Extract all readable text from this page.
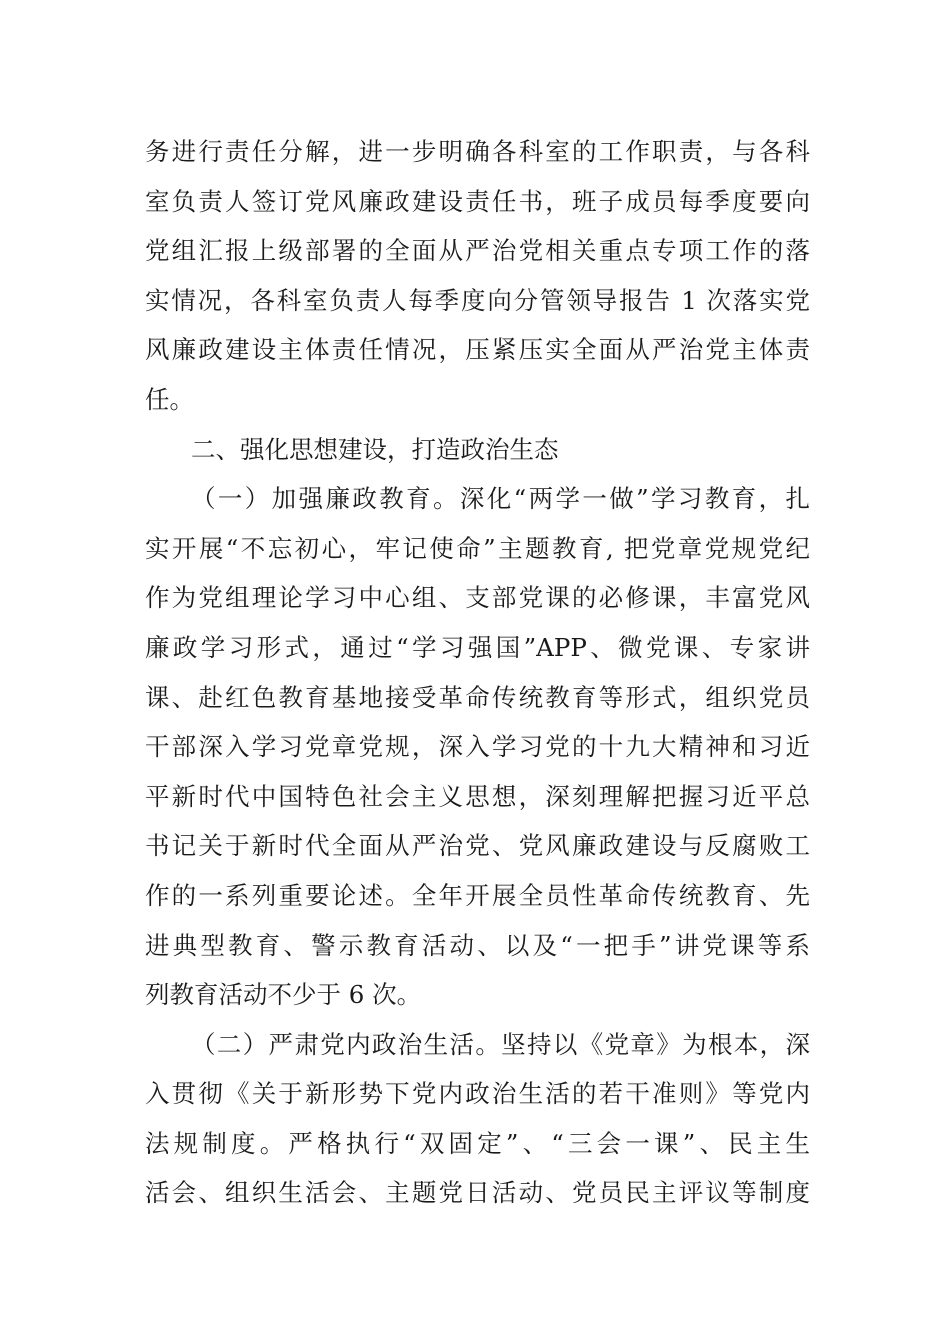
务进行责任分解，进一步明确各科室的工作职责，与各科
室负责人签订党风廉政建设责任书，班子成员每季度要向
党组汇报上级部署的全面从严治党相关重点专项工作的落
实情况，各科室负责人每季度向分管领导报告 1 次落实党
风廉政建设主体责任情况，压紧压实全面从严治党主体责
任。
二、强化思想建设，打造政治生态
（一）加强廉政教育。深化“两学一做”学习教育，扎
实开展“不忘初心，牢记使命”主题教育, 把党章党规党纪
作为党组理论学习中心组、支部党课的必修课，丰富党风
廉政学习形式，通过“学习强国”APP、微党课、专家讲
课、赴红色教育基地接受革命传统教育等形式，组织党员
干部深入学习党章党规，深入学习党的十九大精神和习近
平新时代中国特色社会主义思想，深刻理解把握习近平总
书记关于新时代全面从严治党、党风廉政建设与反腐败工
作的一系列重要论述。全年开展全员性革命传统教育、先
进典型教育、警示教育活动、以及“一把手”讲党课等系
列教育活动不少于 6 次。
（二）严肃党内政治生活。坚持以《党章》为根本，深
入贯彻《关于新形势下党内政治生活的若干准则》等党内
法规制度。严格执行“双固定”、“三会一课”、民主生
活会、组织生活会、主题党日活动、党员民主评议等制度
